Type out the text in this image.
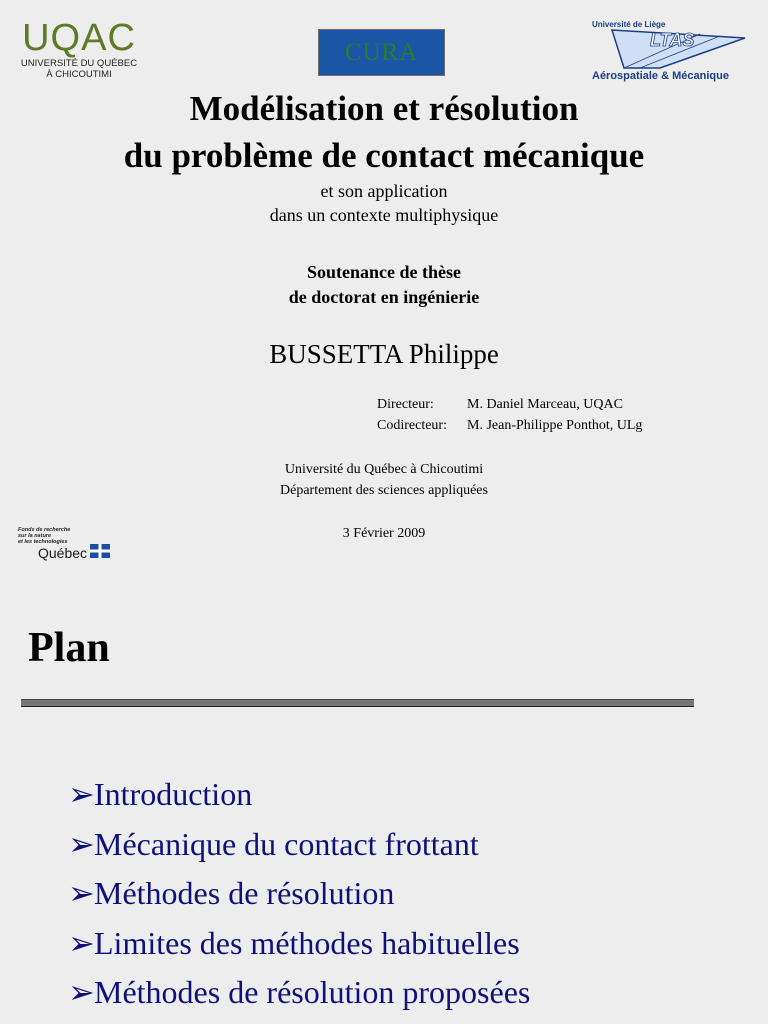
UQAC
UNIVERSITÉ DU QUÉBEC
À CHICOUTIMI
CURA
Université de Liège
LTAS
Aérospatiale & Mécanique
Modélisation et résolution
du problème de contact mécanique
et son application
dans un contexte multiphysique
Soutenance de thèse
de doctorat en ingénierie
BUSSETTA Philippe
Directeur: M. Daniel Marceau, UQAC
Codirecteur: M. Jean-Philippe Ponthot, ULg
Université du Québec à Chicoutimi
Département des sciences appliquées
3 Février 2009
Fonds de recherche
sur la nature
et les technologies
Québec
Plan
➢ Introduction
➢ Mécanique du contact frottant
➢ Méthodes de résolution
➢ Limites des méthodes habituelles
➢ Méthodes de résolution proposées
